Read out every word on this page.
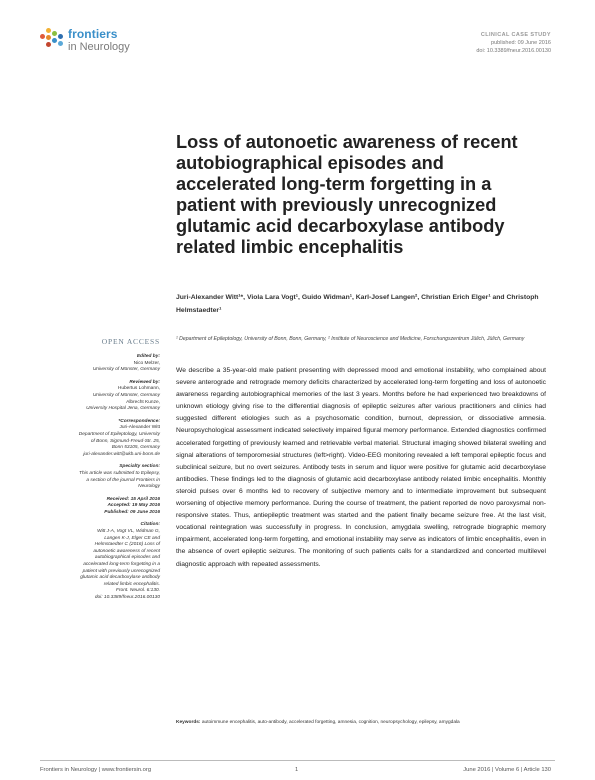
frontiers
in Neurology
CLINICAL CASE STUDY
published: 09 June 2016
doi: 10.3389/fneur.2016.00130
Loss of autonoetic awareness of recent autobiographical episodes and accelerated long-term forgetting in a patient with previously unrecognized glutamic acid decarboxylase antibody related limbic encephalitis
Juri-Alexander Witt¹*, Viola Lara Vogt¹, Guido Widman¹, Karl-Josef Langen², Christian Erich Elger¹ and Christoph Helmstaedter¹
¹ Department of Epileptology, University of Bonn, Bonn, Germany, ² Institute of Neuroscience and Medicine, Forschungszentrum Jülich, Jülich, Germany
OPEN ACCESS
Edited by:
Nico Melzer,
University of Münster, Germany
Reviewed by:
Hubertus Lohmann,
University of Münster, Germany
Albrecht Kunze,
University Hospital Jena, Germany
*Correspondence:
Juri-Alexander Witt
Department of Epileptology, University
of Bonn, Sigmund-Freud-Str. 25,
Bonn 53105, Germany
juri-alexander.witt@ukb.uni-bonn.de
Specialty section:
This article was submitted to Epilepsy,
a section of the journal Frontiers in
Neurology
Received: 15 April 2016
Accepted: 19 May 2016
Published: 09 June 2016
Citation:
Witt J-A, Vogt VL, Widman G,
Langen K-J, Elger CE and
Helmstaedter C (2016) Loss of
autonoetic awareness of recent
autobiographical episodes and
accelerated long-term forgetting in a
patient with previously unrecognized
glutamic acid decarboxylase antibody
related limbic encephalitis.
Front. Neurol. 6:130.
doi: 10.3389/fneur.2016.00130
We describe a 35-year-old male patient presenting with depressed mood and emotional instability, who complained about severe anterograde and retrograde memory deficits characterized by accelerated long-term forgetting and loss of autonoetic awareness regarding autobiographical memories of the last 3 years. Months before he had experienced two breakdowns of unknown etiology giving rise to the differential diagnosis of epileptic seizures after various practitioners and clinics had suggested different etiologies such as a psychosomatic condition, burnout, depression, or dissociative amnesia. Neuropsychological assessment indicated selectively impaired figural memory performance. Extended diagnostics confirmed accelerated forgetting of previously learned and retrievable verbal material. Structural imaging showed bilateral swelling and signal alterations of temporomesial structures (left>right). Video-EEG monitoring revealed a left temporal epileptic focus and subclinical seizure, but no overt seizures. Antibody tests in serum and liquor were positive for glutamic acid decarboxylase antibodies. These findings led to the diagnosis of glutamic acid decarboxylase antibody related limbic encephalitis. Monthly steroid pulses over 6 months led to recovery of subjective memory and to intermediate improvement but subsequent worsening of objective memory performance. During the course of treatment, the patient reported de novo paroxysmal non-responsive states. Thus, antiepileptic treatment was started and the patient finally became seizure free. At the last visit, vocational reintegration was successfully in progress. In conclusion, amygdala swelling, retrograde biographic memory impairment, accelerated long-term forgetting, and emotional instability may serve as indicators of limbic encephalitis, even in the absence of overt epileptic seizures. The monitoring of such patients calls for a standardized and concerted multilevel diagnostic approach with repeated assessments.
Keywords: autoimmune encephalitis, auto-antibody, accelerated forgetting, amnesia, cognition, neuropsychology, epilepsy, amygdala
Frontiers in Neurology | www.frontiersin.org	1	June 2016 | Volume 6 | Article 130
